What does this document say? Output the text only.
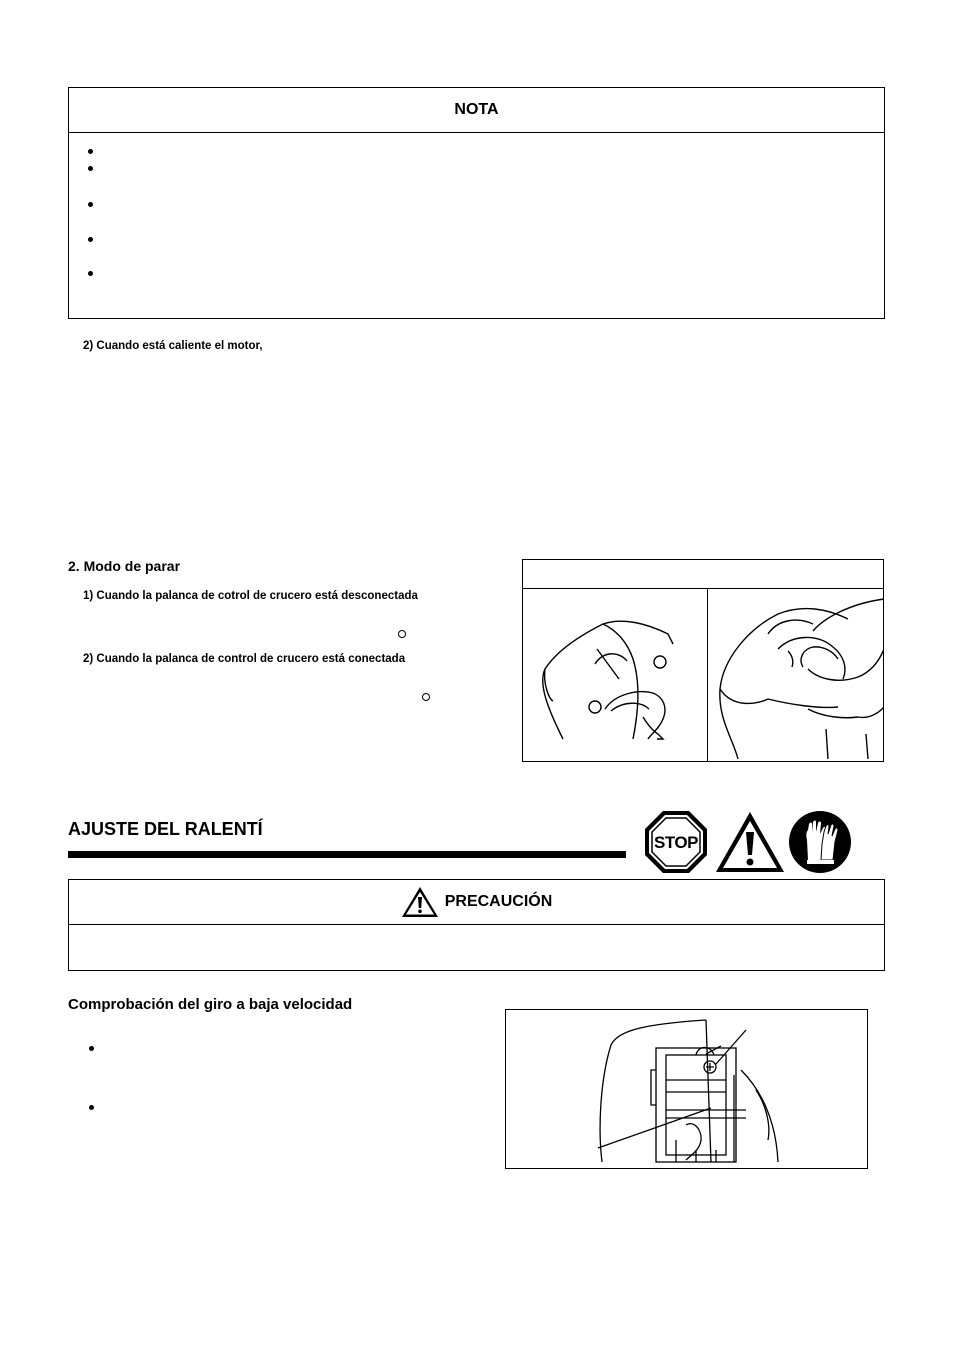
NOTA
2) Cuando está caliente el motor,
2. Modo de parar
1) Cuando la palanca de cotrol de crucero está desconectada
2) Cuando la palanca de control de crucero está conectada
AJUSTE DEL RALENTÍ
STOP
PRECAUCIÓN
Comprobación del giro a baja velocidad
